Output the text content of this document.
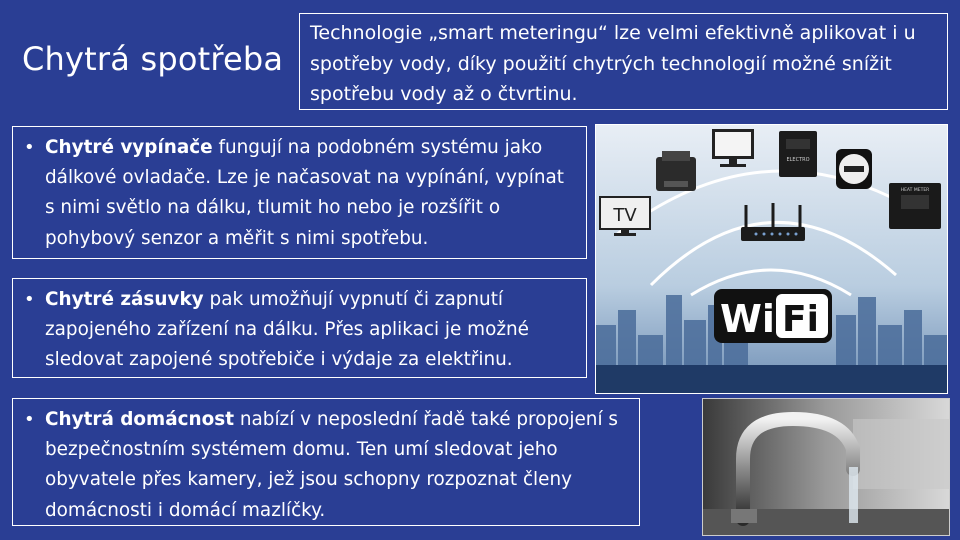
Chytrá spotřeba
Technologie „smart meteringu“ lze velmi efektivně aplikovat i u spotřeby vody, díky použití chytrých technologií možné snížit spotřebu vody až o čtvrtinu.
• Chytré vypínače fungují na podobném systému jako dálkové ovladače. Lze je načasovat na vypínání, vypínat s nimi světlo na dálku, tlumit ho nebo je rozšířit o pohybový senzor a měřit s nimi spotřebu.
• Chytré zásuvky pak umožňují vypnutí či zapnutí zapojeného zařízení na dálku. Přes aplikaci je možné sledovat zapojené spotřebiče i výdaje za elektřinu.
• Chytrá domácnost nabízí v neposlední řadě také propojení s bezpečnostním systémem domu. Ten umí sledovat jeho obyvatele přes kamery, jež jsou schopny rozpoznat členy domácnosti i domácí mazlíčky.
ELECTRO
TV
HEAT METER
Wi Fi
